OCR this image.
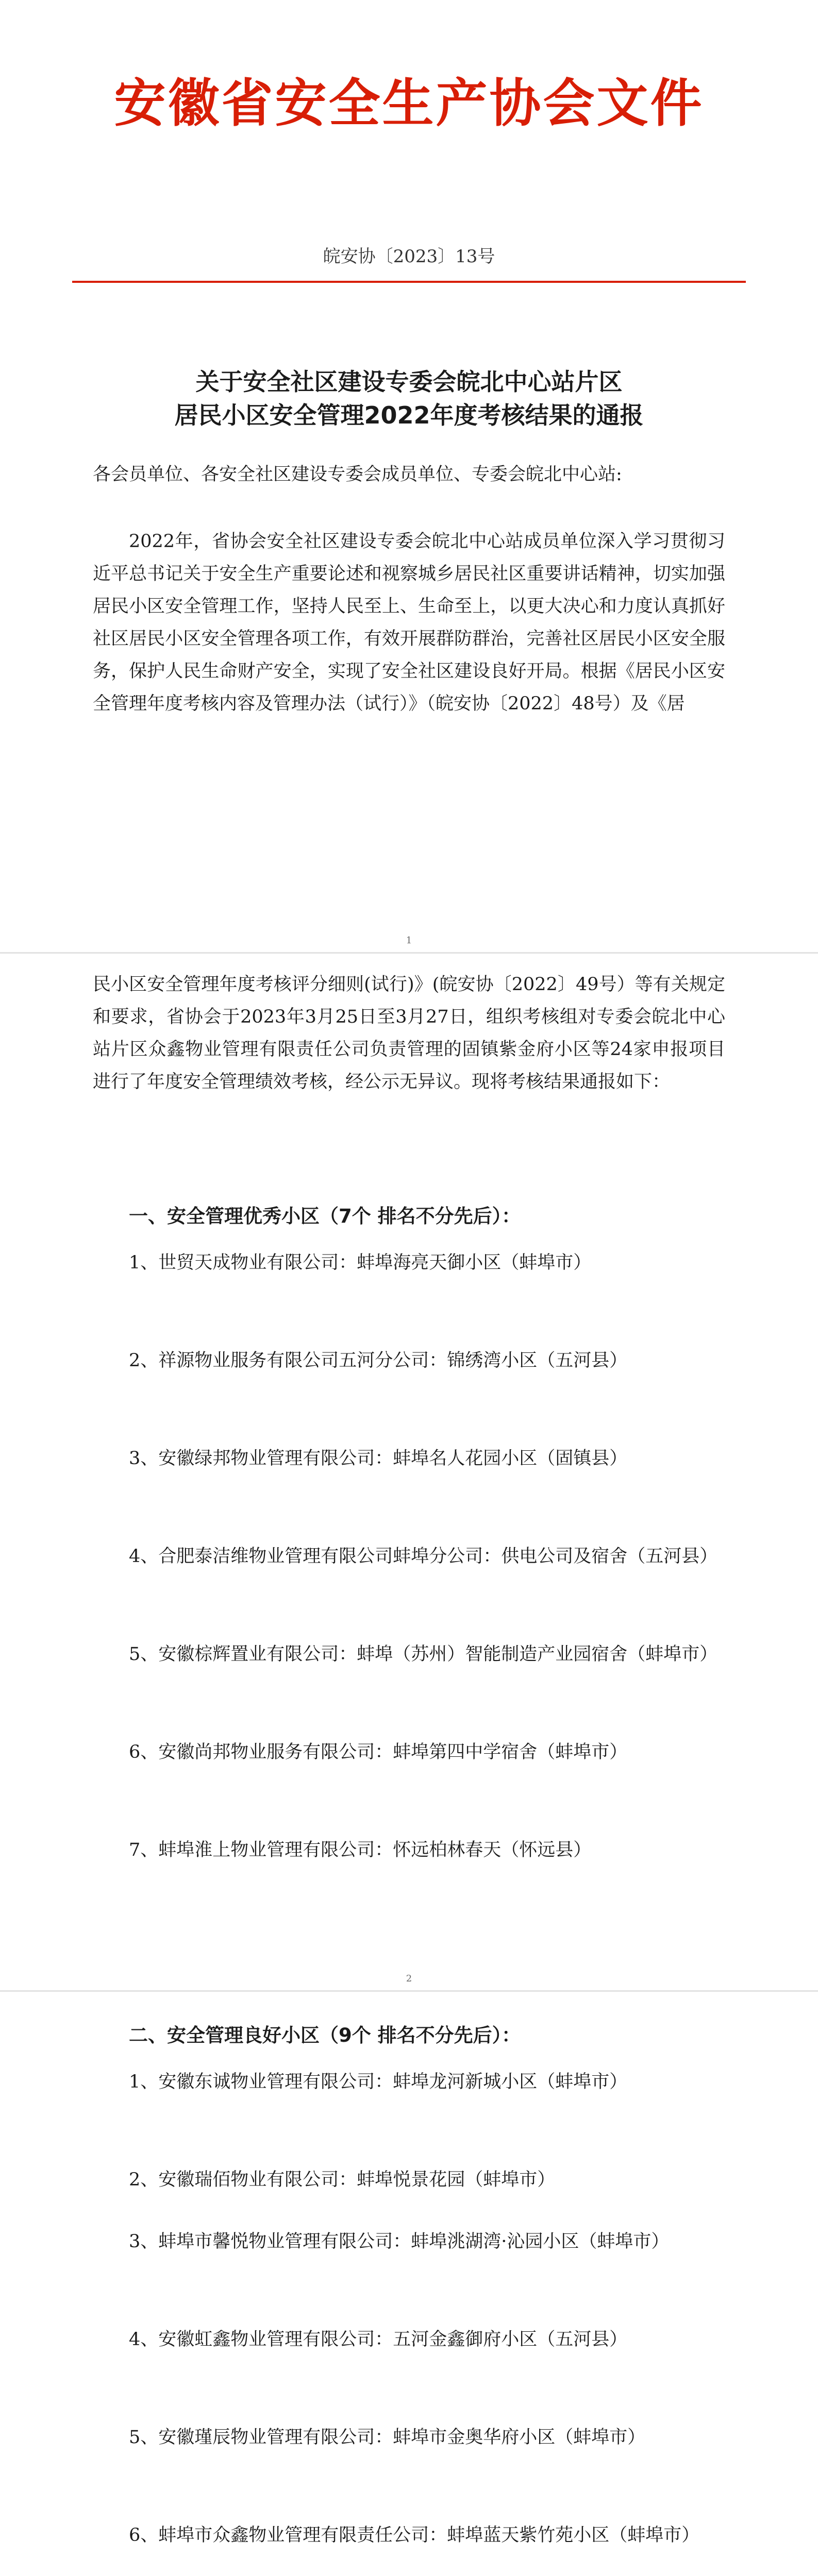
安徽省安全生产协会文件
皖安协〔2023〕13号
关于安全社区建设专委会皖北中心站片区
居民小区安全管理2022年度考核结果的通报

各会员单位、各安全社区建设专委会成员单位、专委会皖北中心站:

2022年，省协会安全社区建设专委会皖北中心站成员单位深入学习贯彻习近平总书记关于安全生产重要论述和视察城乡居民社区重要讲话精神，切实加强居民小区安全管理工作，坚持人民至上、生命至上，以更大决心和力度认真抓好社区居民小区安全管理各项工作，有效开展群防群治，完善社区居民小区安全服务，保护人民生命财产安全，实现了安全社区建设良好开局。根据《居民小区安全管理年度考核内容及管理办法（试行）》（皖安协〔2022〕48号）及《居

1

民小区安全管理年度考核评分细则(试行)》(皖安协〔2022〕49号）等有关规定和要求，省协会于2023年3月25日至3月27日，组织考核组对专委会皖北中心站片区众鑫物业管理有限责任公司负责管理的固镇紫金府小区等24家申报项目进行了年度安全管理绩效考核，经公示无异议。现将考核结果通报如下：

一、安全管理优秀小区（7个 排名不分先后）：

1、世贸天成物业有限公司：蚌埠海亮天御小区（蚌埠市）

2、祥源物业服务有限公司五河分公司：锦绣湾小区（五河县）

3、安徽绿邦物业管理有限公司：蚌埠名人花园小区（固镇县）

4、合肥泰洁维物业管理有限公司蚌埠分公司：供电公司及宿舍（五河县）

5、安徽棕辉置业有限公司：蚌埠（苏州）智能制造产业园宿舍（蚌埠市）

6、安徽尚邦物业服务有限公司：蚌埠第四中学宿舍（蚌埠市）

7、蚌埠淮上物业管理有限公司：怀远柏林春天（怀远县）

2
二、安全管理良好小区（9个 排名不分先后）：

1、安徽东诚物业管理有限公司：蚌埠龙河新城小区（蚌埠市）

2、安徽瑞佰物业有限公司：蚌埠悦景花园（蚌埠市）

3、蚌埠市馨悦物业管理有限公司：蚌埠洮湖湾·沁园小区（蚌埠市）

4、安徽虹鑫物业管理有限公司：五河金鑫御府小区（五河县）

5、安徽瑾辰物业管理有限公司：蚌埠市金奥华府小区（蚌埠市）

6、蚌埠市众鑫物业管理有限责任公司：蚌埠蓝天紫竹苑小区（蚌埠市）
